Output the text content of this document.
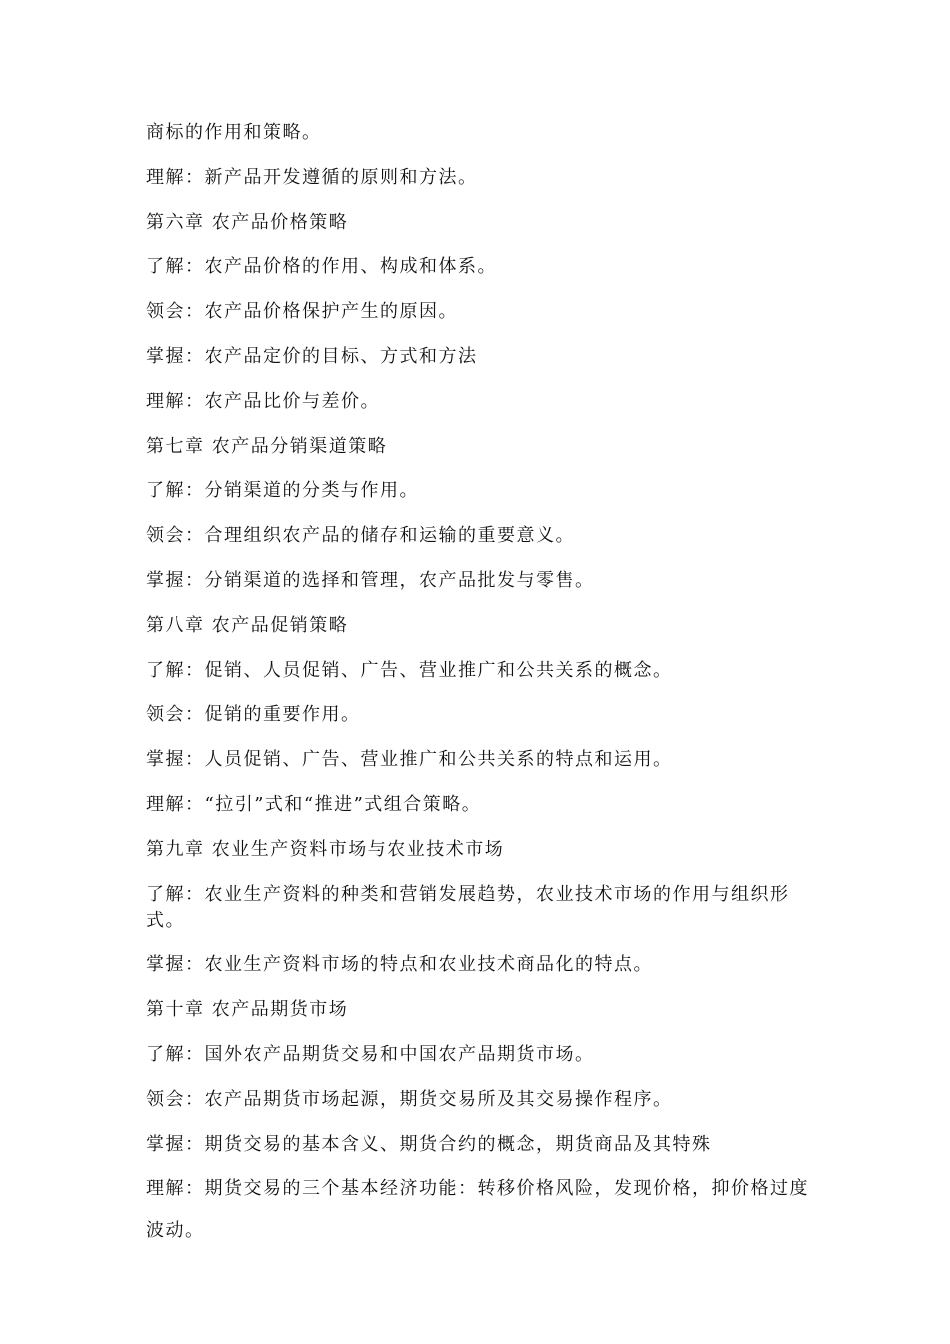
商标的作用和策略。
理解：新产品开发遵循的原则和方法。
第六章 农产品价格策略
了解：农产品价格的作用、构成和体系。
领会：农产品价格保护产生的原因。
掌握：农产品定价的目标、方式和方法
理解：农产品比价与差价。
第七章 农产品分销渠道策略
了解：分销渠道的分类与作用。
领会：合理组织农产品的储存和运输的重要意义。
掌握：分销渠道的选择和管理，农产品批发与零售。
第八章 农产品促销策略
了解：促销、人员促销、广告、营业推广和公共关系的概念。
领会：促销的重要作用。
掌握：人员促销、广告、营业推广和公共关系的特点和运用。
理解：“拉引”式和“推进”式组合策略。
第九章 农业生产资料市场与农业技术市场
了解：农业生产资料的种类和营销发展趋势，农业技术市场的作用与组织形式。
掌握：农业生产资料市场的特点和农业技术商品化的特点。
第十章 农产品期货市场
了解：国外农产品期货交易和中国农产品期货市场。
领会：农产品期货市场起源，期货交易所及其交易操作程序。
掌握：期货交易的基本含义、期货合约的概念，期货商品及其特殊
理解：期货交易的三个基本经济功能：转移价格风险，发现价格，抑价格过度波动。
